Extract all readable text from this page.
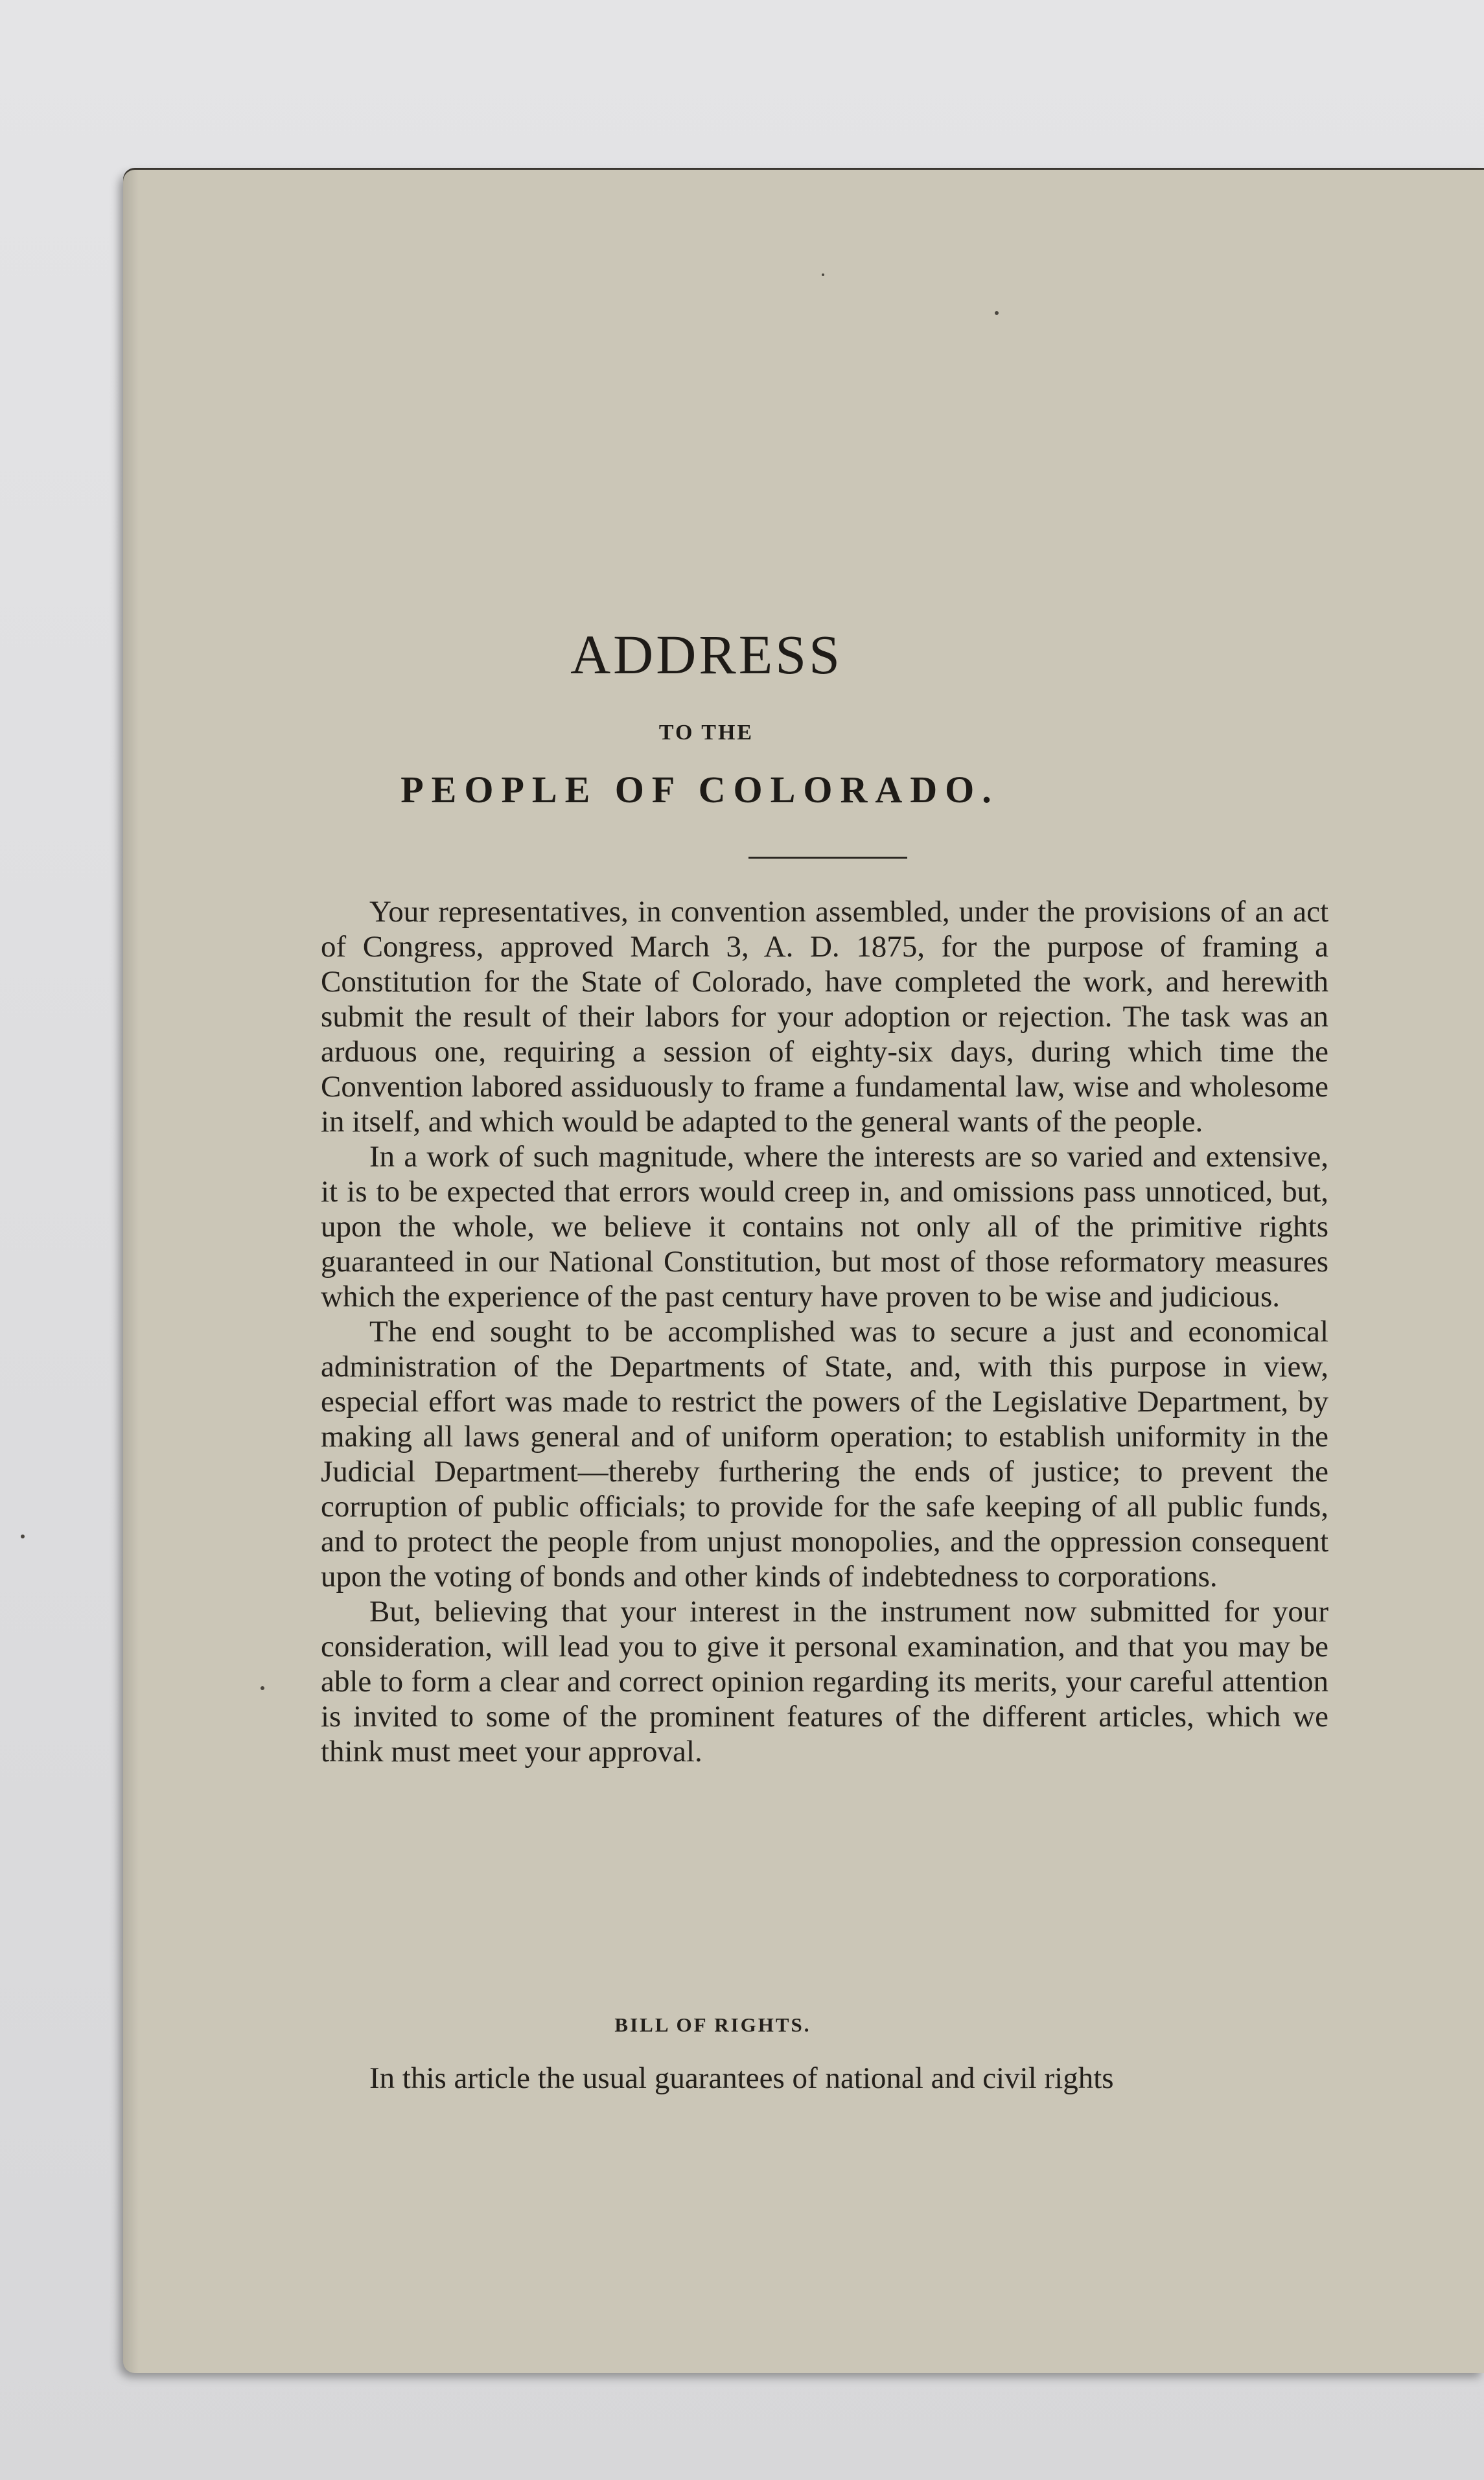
ADDRESS
TO THE
PEOPLE OF COLORADO.

Your representatives, in convention assembled, under the provisions of an act of Congress, approved March 3, A. D. 1875, for the purpose of framing a Constitution for the State of Colorado, have completed the work, and herewith submit the result of their labors for your adoption or rejection. The task was an arduous one, requiring a session of eighty-six days, during which time the Convention labored assiduously to frame a fundamental law, wise and wholesome in itself, and which would be adapted to the general wants of the people.

In a work of such magnitude, where the interests are so varied and extensive, it is to be expected that errors would creep in, and omissions pass unnoticed, but, upon the whole, we believe it contains not only all of the primitive rights guaranteed in our National Constitution, but most of those reformatory measures which the experience of the past century have proven to be wise and judicious.

The end sought to be accomplished was to secure a just and economical administration of the Departments of State, and, with this purpose in view, especial effort was made to restrict the powers of the Legislative Department, by making all laws general and of uniform operation; to establish uniformity in the Judicial Department—thereby furthering the ends of justice; to prevent the corruption of public officials; to provide for the safe keeping of all public funds, and to protect the people from unjust monopolies, and the oppression consequent upon the voting of bonds and other kinds of indebtedness to corporations.

But, believing that your interest in the instrument now submitted for your consideration, will lead you to give it personal examination, and that you may be able to form a clear and correct opinion regarding its merits, your careful attention is invited to some of the prominent features of the different articles, which we think must meet your approval.

BILL OF RIGHTS.

In this article the usual guarantees of national and civil rights
